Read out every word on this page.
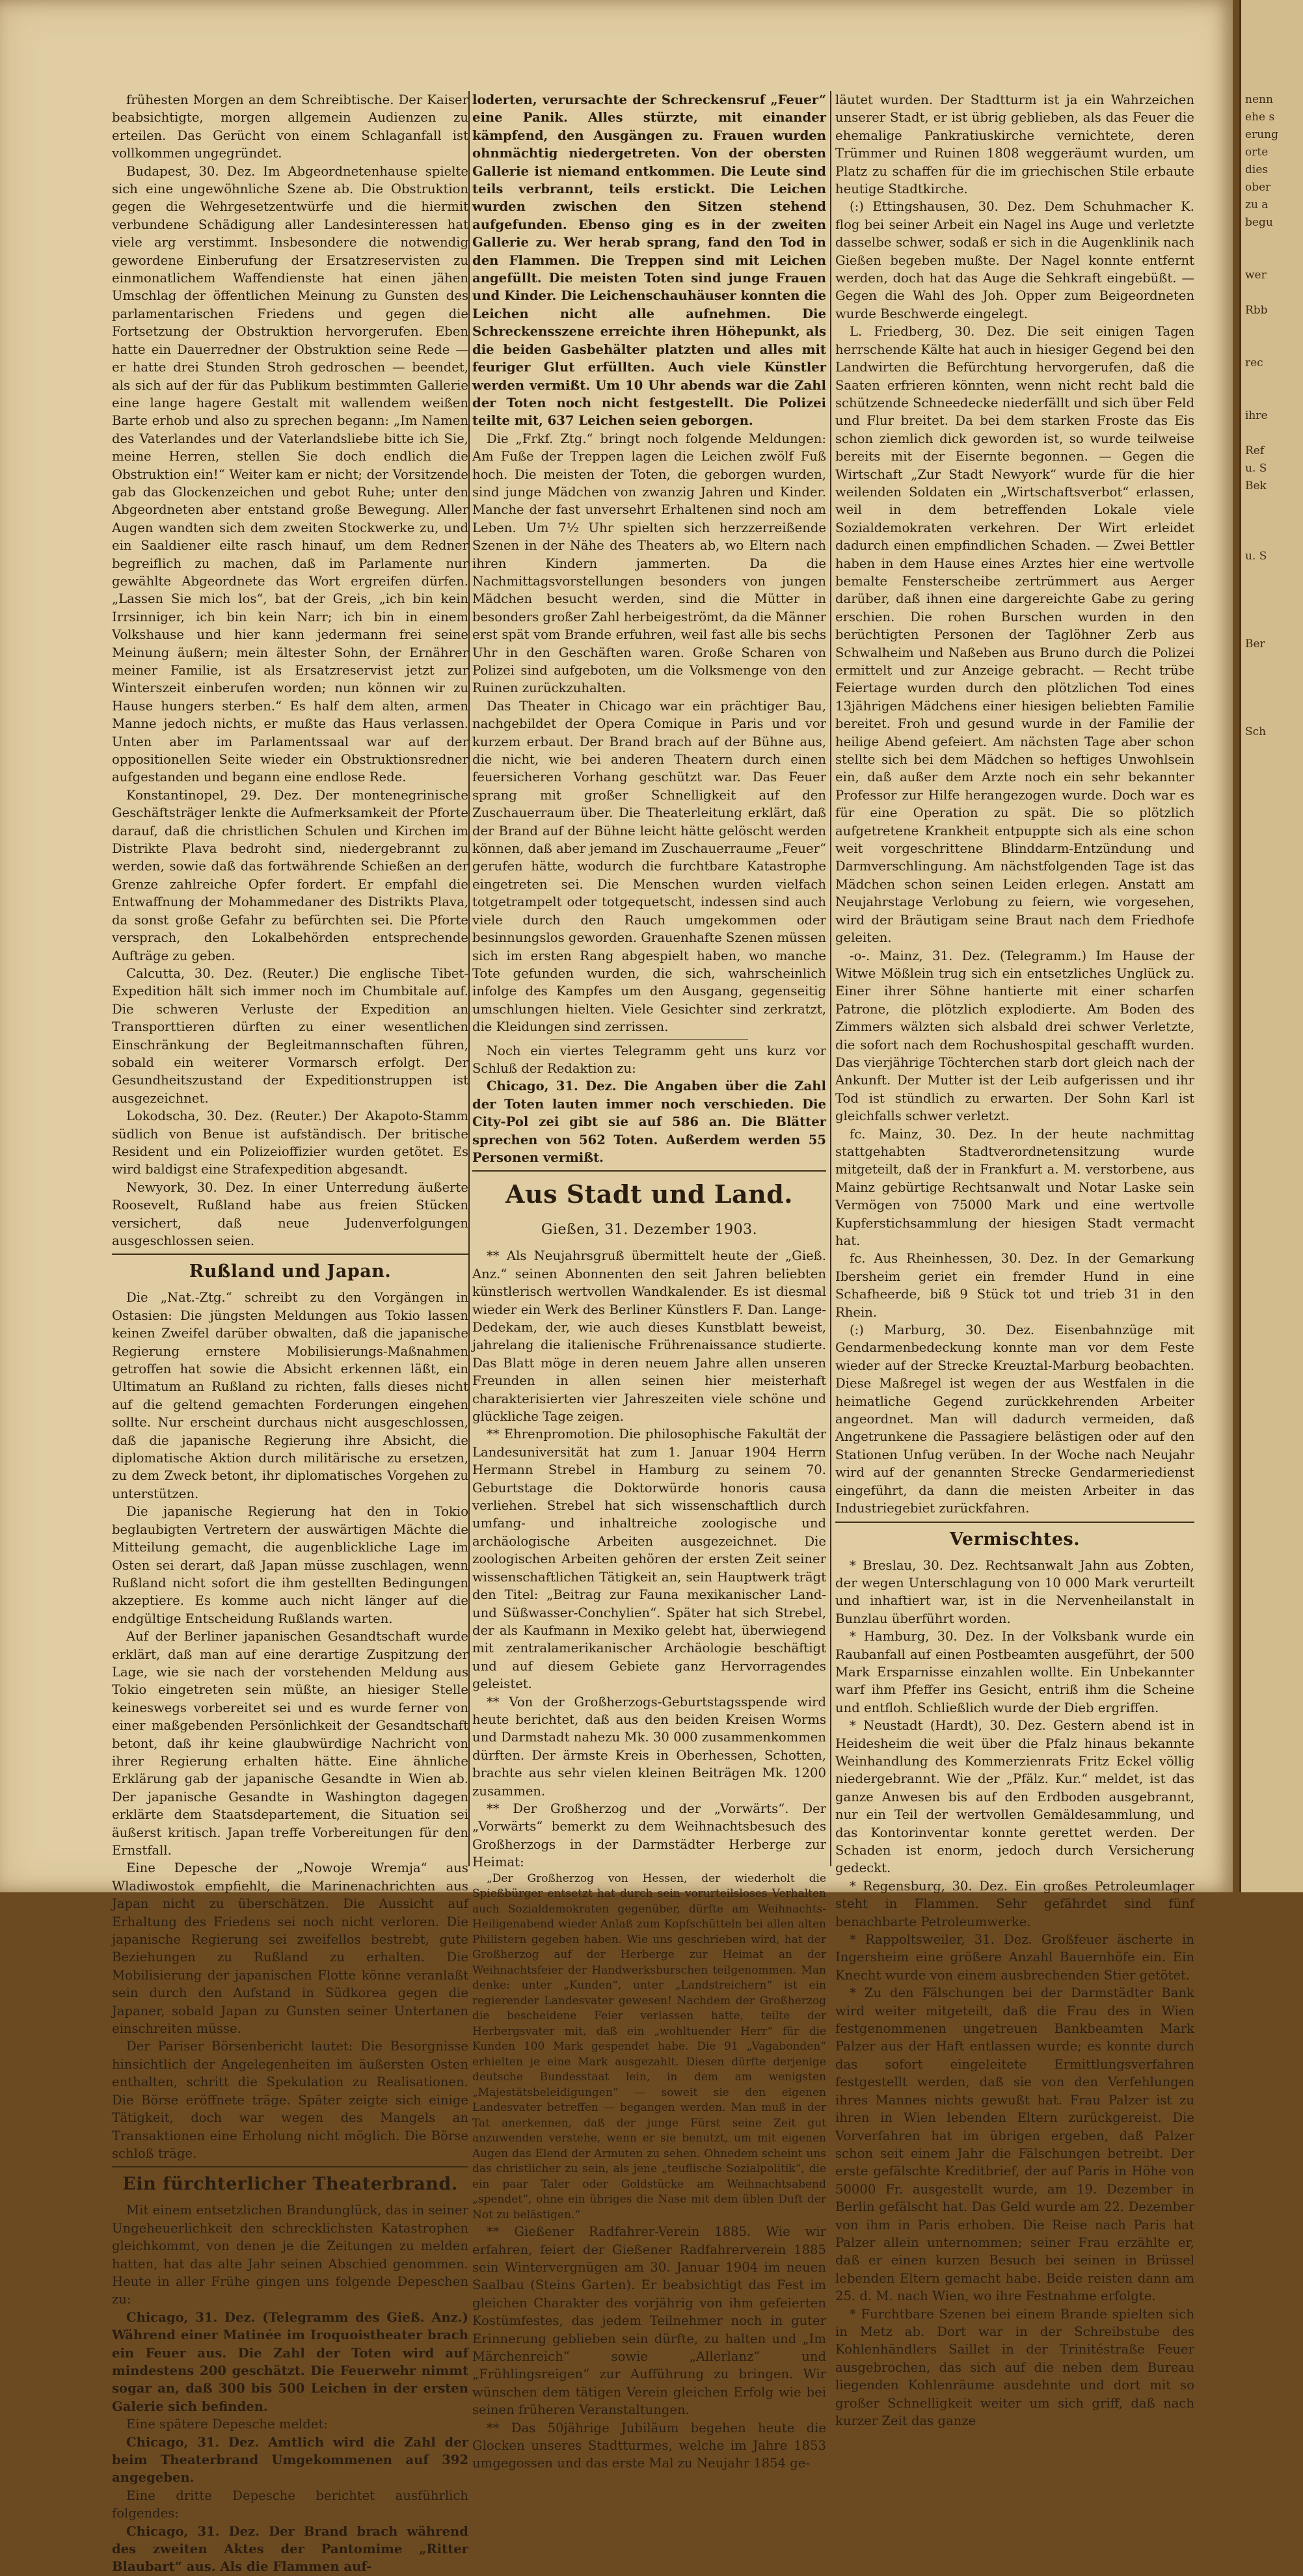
frühesten Morgen an dem Schreibtische. Der Kaiser beabsichtigte, morgen allgemein Audienzen zu erteilen. Das Gerücht von einem Schlaganfall ist vollkommen ungegründet.

Budapest, 30. Dez. Im Abgeordnetenhause spielte sich eine ungewöhnliche Szene ab. Die Obstruktion gegen die Wehrgesetzentwürfe und die hiermit verbundene Schädigung aller Landesinteressen hat viele arg verstimmt. Insbesondere die notwendig gewordene Einberufung der Ersatzreservisten zu einmonatlichem Waffendienste hat einen jähen Umschlag der öffentlichen Meinung zu Gunsten des parlamentarischen Friedens und gegen die Fortsetzung der Obstruktion hervorgerufen. Eben hatte ein Dauerredner der Obstruktion seine Rede — er hatte drei Stunden Stroh gedroschen — beendet, als sich auf der für das Publikum bestimmten Gallerie eine lange hagere Gestalt mit wallendem weißen Barte erhob und also zu sprechen begann: „Im Namen des Vaterlandes und der Vaterlandsliebe bitte ich Sie, meine Herren, stellen Sie doch endlich die Obstruktion ein!“ Weiter kam er nicht; der Vorsitzende gab das Glockenzeichen und gebot Ruhe; unter den Abgeordneten aber entstand große Bewegung. Aller Augen wandten sich dem zweiten Stockwerke zu, und ein Saaldiener eilte rasch hinauf, um dem Redner begreiflich zu machen, daß im Parlamente nur gewählte Abgeordnete das Wort ergreifen dürfen. „Lassen Sie mich los“, bat der Greis, „ich bin kein Irrsinniger, ich bin kein Narr; ich bin in einem Volkshause und hier kann jedermann frei seine Meinung äußern; mein ältester Sohn, der Ernährer meiner Familie, ist als Ersatzreservist jetzt zur Winterszeit einberufen worden; nun können wir zu Hause hungers sterben.“ Es half dem alten, armen Manne jedoch nichts, er mußte das Haus verlassen. Unten aber im Parlamentssaal war auf der oppositionellen Seite wieder ein Obstruktionsredner aufgestanden und begann eine endlose Rede.

Konstantinopel, 29. Dez. Der montenegrinische Geschäftsträger lenkte die Aufmerksamkeit der Pforte darauf, daß die christlichen Schulen und Kirchen im Distrikte Plava bedroht sind, niedergebrannt zu werden, sowie daß das fortwährende Schießen an der Grenze zahlreiche Opfer fordert. Er empfahl die Entwaffnung der Mohammedaner des Distrikts Plava, da sonst große Gefahr zu befürchten sei. Die Pforte versprach, den Lokalbehörden entsprechende Aufträge zu geben.

Calcutta, 30. Dez. (Reuter.) Die englische Tibet-Expedition hält sich immer noch im Chumbitale auf. Die schweren Verluste der Expedition an Transporttieren dürften zu einer wesentlichen Einschränkung der Begleitmannschaften führen, sobald ein weiterer Vormarsch erfolgt. Der Gesundheitszustand der Expeditionstruppen ist ausgezeichnet.

Lokodscha, 30. Dez. (Reuter.) Der Akapoto-Stamm südlich von Benue ist aufständisch. Der britische Resident und ein Polizeioffizier wurden getötet. Es wird baldigst eine Strafexpedition abgesandt.

Newyork, 30. Dez. In einer Unterredung äußerte Roosevelt, Rußland habe aus freien Stücken versichert, daß neue Judenverfolgungen ausgeschlossen seien.

Rußland und Japan.

Die „Nat.-Ztg.“ schreibt zu den Vorgängen in Ostasien: Die jüngsten Meldungen aus Tokio lassen keinen Zweifel darüber obwalten, daß die japanische Regierung ernstere Mobilisierungs-Maßnahmen getroffen hat sowie die Absicht erkennen läßt, ein Ultimatum an Rußland zu richten, falls dieses nicht auf die geltend gemachten Forderungen eingehen sollte. Nur erscheint durchaus nicht ausgeschlossen, daß die japanische Regierung ihre Absicht, die diplomatische Aktion durch militärische zu ersetzen, zu dem Zweck betont, ihr diplomatisches Vorgehen zu unterstützen.

Die japanische Regierung hat den in Tokio beglaubigten Vertretern der auswärtigen Mächte die Mitteilung gemacht, die augenblickliche Lage im Osten sei derart, daß Japan müsse zuschlagen, wenn Rußland nicht sofort die ihm gestellten Bedingungen akzeptiere. Es komme auch nicht länger auf die endgültige Entscheidung Rußlands warten.

Auf der Berliner japanischen Gesandtschaft wurde erklärt, daß man auf eine derartige Zuspitzung der Lage, wie sie nach der vorstehenden Meldung aus Tokio eingetreten sein müßte, an hiesiger Stelle keineswegs vorbereitet sei und es wurde ferner von einer maßgebenden Persönlichkeit der Gesandtschaft betont, daß ihr keine glaubwürdige Nachricht von ihrer Regierung erhalten hätte. Eine ähnliche Erklärung gab der japanische Gesandte in Wien ab. Der japanische Gesandte in Washington dagegen erklärte dem Staatsdepartement, die Situation sei äußerst kritisch. Japan treffe Vorbereitungen für den Ernstfall.

Eine Depesche der „Nowoje Wremja“ aus Wladiwostok empfiehlt, die Marinenachrichten aus Japan nicht zu überschätzen. Die Aussicht auf Erhaltung des Friedens sei noch nicht verloren. Die japanische Regierung sei zweifellos bestrebt, gute Beziehungen zu Rußland zu erhalten. Die Mobilisierung der japanischen Flotte könne veranlaßt sein durch den Aufstand in Südkorea gegen die Japaner, sobald Japan zu Gunsten seiner Untertanen einschreiten müsse.

Der Pariser Börsenbericht lautet: Die Besorgnisse hinsichtlich der Angelegenheiten im äußersten Osten enthalten, schritt die Spekulation zu Realisationen. Die Börse eröffnete träge. Später zeigte sich einige Tätigkeit, doch war wegen des Mangels an Transaktionen eine Erholung nicht möglich. Die Börse schloß träge.

Ein fürchterlicher Theaterbrand.

Mit einem entsetzlichen Brandunglück, das in seiner Ungeheuerlichkeit den schrecklichsten Katastrophen gleichkommt, von denen je die Zeitungen zu melden hatten, hat das alte Jahr seinen Abschied genommen. Heute in aller Frühe gingen uns folgende Depeschen zu:

Chicago, 31. Dez. (Telegramm des Gieß. Anz.) Während einer Matinée im Iroquoistheater brach ein Feuer aus. Die Zahl der Toten wird auf mindestens 200 geschätzt. Die Feuerwehr nimmt sogar an, daß 300 bis 500 Leichen in der ersten Galerie sich befinden.

Eine spätere Depesche meldet:

Chicago, 31. Dez. Amtlich wird die Zahl der beim Theaterbrand Umgekommenen auf 392 angegeben.

Eine dritte Depesche berichtet ausführlich folgendes:

Chicago, 31. Dez. Der Brand brach während des zweiten Aktes der Pantomime „Ritter Blaubart“ aus. Als die Flammen auf-

loderten, verursachte der Schreckensruf „Feuer“ eine Panik. Alles stürzte, mit einander kämpfend, den Ausgängen zu. Frauen wurden ohnmächtig niedergetreten. Von der obersten Gallerie ist niemand entkommen. Die Leute sind teils verbrannt, teils erstickt. Die Leichen wurden zwischen den Sitzen stehend aufgefunden. Ebenso ging es in der zweiten Gallerie zu. Wer herab sprang, fand den Tod in den Flammen. Die Treppen sind mit Leichen angefüllt. Die meisten Toten sind junge Frauen und Kinder. Die Leichenschauhäuser konnten die Leichen nicht alle aufnehmen. Die Schreckensszene erreichte ihren Höhepunkt, als die beiden Gasbehälter platzten und alles mit feuriger Glut erfüllten. Auch viele Künstler werden vermißt. Um 10 Uhr abends war die Zahl der Toten noch nicht festgestellt. Die Polizei teilte mit, 637 Leichen seien geborgen.

Die „Frkf. Ztg.“ bringt noch folgende Meldungen: Am Fuße der Treppen lagen die Leichen zwölf Fuß hoch. Die meisten der Toten, die geborgen wurden, sind junge Mädchen von zwanzig Jahren und Kinder. Manche der fast unversehrt Erhaltenen sind noch am Leben. Um 7½ Uhr spielten sich herzzerreißende Szenen in der Nähe des Theaters ab, wo Eltern nach ihren Kindern jammerten. Da die Nachmittagsvorstellungen besonders von jungen Mädchen besucht werden, sind die Mütter in besonders großer Zahl herbeigeströmt, da die Männer erst spät vom Brande erfuhren, weil fast alle bis sechs Uhr in den Geschäften waren. Große Scharen von Polizei sind aufgeboten, um die Volksmenge von den Ruinen zurückzuhalten.

Das Theater in Chicago war ein prächtiger Bau, nachgebildet der Opera Comique in Paris und vor kurzem erbaut. Der Brand brach auf der Bühne aus, die nicht, wie bei anderen Theatern durch einen feuersicheren Vorhang geschützt war. Das Feuer sprang mit großer Schnelligkeit auf den Zuschauerraum über. Die Theaterleitung erklärt, daß der Brand auf der Bühne leicht hätte gelöscht werden können, daß aber jemand im Zuschauerraume „Feuer“ gerufen hätte, wodurch die furchtbare Katastrophe eingetreten sei. Die Menschen wurden vielfach totgetrampelt oder totgequetscht, indessen sind auch viele durch den Rauch umgekommen oder besinnungslos geworden. Grauenhafte Szenen müssen sich im ersten Rang abgespielt haben, wo manche Tote gefunden wurden, die sich, wahrscheinlich infolge des Kampfes um den Ausgang, gegenseitig umschlungen hielten. Viele Gesichter sind zerkratzt, die Kleidungen sind zerrissen.

Noch ein viertes Telegramm geht uns kurz vor Schluß der Redaktion zu:

Chicago, 31. Dez. Die Angaben über die Zahl der Toten lauten immer noch verschieden. Die City-Pol zei gibt sie auf 586 an. Die Blätter sprechen von 562 Toten. Außerdem werden 55 Personen vermißt.

Aus Stadt und Land.
Gießen, 31. Dezember 1903.

** Als Neujahrsgruß übermittelt heute der „Gieß. Anz.“ seinen Abonnenten den seit Jahren beliebten künstlerisch wertvollen Wandkalender. Es ist diesmal wieder ein Werk des Berliner Künstlers F. Dan. Lange-Dedekam, der, wie auch dieses Kunstblatt beweist, jahrelang die italienische Frührenaissance studierte. Das Blatt möge in deren neuem Jahre allen unseren Freunden in allen seinen hier meisterhaft charakterisierten vier Jahreszeiten viele schöne und glückliche Tage zeigen.

** Ehrenpromotion. Die philosophische Fakultät der Landesuniversität hat zum 1. Januar 1904 Herrn Hermann Strebel in Hamburg zu seinem 70. Geburtstage die Doktorwürde honoris causa verliehen. Strebel hat sich wissenschaftlich durch umfang- und inhaltreiche zoologische und archäologische Arbeiten ausgezeichnet. Die zoologischen Arbeiten gehören der ersten Zeit seiner wissenschaftlichen Tätigkeit an, sein Hauptwerk trägt den Titel: „Beitrag zur Fauna mexikanischer Land- und Süßwasser-Conchylien“. Später hat sich Strebel, der als Kaufmann in Mexiko gelebt hat, überwiegend mit zentralamerikanischer Archäologie beschäftigt und auf diesem Gebiete ganz Hervorragendes geleistet.

** Von der Großherzogs-Geburtstagsspende wird heute berichtet, daß aus den beiden Kreisen Worms und Darmstadt nahezu Mk. 30 000 zusammenkommen dürften. Der ärmste Kreis in Oberhessen, Schotten, brachte aus sehr vielen kleinen Beiträgen Mk. 1200 zusammen.

** Der Großherzog und der „Vorwärts“. Der „Vorwärts“ bemerkt zu dem Weihnachtsbesuch des Großherzogs in der Darmstädter Herberge zur Heimat:

„Der Großherzog von Hessen, der wiederholt die Spießbürger entsetzt hat durch sein vorurteilsloses Verhalten auch Sozialdemokraten gegenüber, dürfte am Weihnachts-Heiligenabend wieder Anlaß zum Kopfschütteln bei allen alten Philistern gegeben haben. Wie uns geschrieben wird, hat der Großherzog auf der Herberge zur Heimat an der Weihnachtsfeier der Handwerksburschen teilgenommen. Man denke: unter „Kunden“, unter „Landstreichern“ ist ein regierender Landesvater gewesen! Nachdem der Großherzog die bescheidene Feier verlassen hatte, teilte der Herbergsvater mit, daß ein „wohltuender Herr“ für die Kunden 100 Mark gespendet habe. Die 91 „Vagabonden“ erhielten je eine Mark ausgezahlt. Diesen dürfte derjenige deutsche Bundesstaat lein, in dem am wenigsten „Majestätsbeleidigungen“ — soweit sie den eigenen Landesvater betreffen — begangen werden. Man muß in der Tat anerkennen, daß der junge Fürst seine Zeit gut anzuwenden verstehe, wenn er sie benutzt, um mit eigenen Augen das Elend der Armuten zu sehen. Ohnedem scheint uns das christlicher zu sein, als jene „teuflische Sozialpolitik“, die ein paar Taler oder Goldstücke am Weihnachtsabend „spendet“, ohne ein übriges die Nase mit dem üblen Duft der Not zu belästigen.“

** Gießener Radfahrer-Verein 1885. Wie wir erfahren, feiert der Gießener Radfahrerverein 1885 sein Wintervergnügen am 30. Januar 1904 im neuen Saalbau (Steins Garten). Er beabsichtigt das Fest im gleichen Charakter des vorjährig von ihm gefeierten Kostümfestes, das jedem Teilnehmer noch in guter Erinnerung geblieben sein dürfte, zu halten und „Im Märchenreich“ sowie „Allerlanz“ und „Frühlingsreigen“ zur Aufführung zu bringen. Wir wünschen dem tätigen Verein gleichen Erfolg wie bei seinen früheren Veranstaltungen.

** Das 50jährige Jubiläum begehen heute die Glocken unseres Stadtturmes, welche im Jahre 1853 umgegossen und das erste Mal zu Neujahr 1854 ge-

läutet wurden. Der Stadtturm ist ja ein Wahrzeichen unserer Stadt, er ist übrig geblieben, als das Feuer die ehemalige Pankratiuskirche vernichtete, deren Trümmer und Ruinen 1808 weggeräumt wurden, um Platz zu schaffen für die im griechischen Stile erbaute heutige Stadtkirche.

(:) Ettingshausen, 30. Dez. Dem Schuhmacher K. flog bei seiner Arbeit ein Nagel ins Auge und verletzte dasselbe schwer, sodaß er sich in die Augenklinik nach Gießen begeben mußte. Der Nagel konnte entfernt werden, doch hat das Auge die Sehkraft eingebüßt. — Gegen die Wahl des Joh. Opper zum Beigeordneten wurde Beschwerde eingelegt.

L. Friedberg, 30. Dez. Die seit einigen Tagen herrschende Kälte hat auch in hiesiger Gegend bei den Landwirten die Befürchtung hervorgerufen, daß die Saaten erfrieren könnten, wenn nicht recht bald die schützende Schneedecke niederfällt und sich über Feld und Flur breitet. Da bei dem starken Froste das Eis schon ziemlich dick geworden ist, so wurde teilweise bereits mit der Eisernte begonnen. — Gegen die Wirtschaft „Zur Stadt Newyork“ wurde für die hier weilenden Soldaten ein „Wirtschaftsverbot“ erlassen, weil in dem betreffenden Lokale viele Sozialdemokraten verkehren. Der Wirt erleidet dadurch einen empfindlichen Schaden. — Zwei Bettler haben in dem Hause eines Arztes hier eine wertvolle bemalte Fensterscheibe zertrümmert aus Aerger darüber, daß ihnen eine dargereichte Gabe zu gering erschien. Die rohen Burschen wurden in den berüchtigten Personen der Taglöhner Zerb aus Schwalheim und Naßeben aus Bruno durch die Polizei ermittelt und zur Anzeige gebracht. — Recht trübe Feiertage wurden durch den plötzlichen Tod eines 13jährigen Mädchens einer hiesigen beliebten Familie bereitet. Froh und gesund wurde in der Familie der heilige Abend gefeiert. Am nächsten Tage aber schon stellte sich bei dem Mädchen so heftiges Unwohlsein ein, daß außer dem Arzte noch ein sehr bekannter Professor zur Hilfe herangezogen wurde. Doch war es für eine Operation zu spät. Die so plötzlich aufgetretene Krankheit entpuppte sich als eine schon weit vorgeschrittene Blinddarm-Entzündung und Darmverschlingung. Am nächstfolgenden Tage ist das Mädchen schon seinen Leiden erlegen. Anstatt am Neujahrstage Verlobung zu feiern, wie vorgesehen, wird der Bräutigam seine Braut nach dem Friedhofe geleiten.

-o-. Mainz, 31. Dez. (Telegramm.) Im Hause der Witwe Mößlein trug sich ein entsetzliches Unglück zu. Einer ihrer Söhne hantierte mit einer scharfen Patrone, die plötzlich explodierte. Am Boden des Zimmers wälzten sich alsbald drei schwer Verletzte, die sofort nach dem Rochushospital geschafft wurden. Das vierjährige Töchterchen starb dort gleich nach der Ankunft. Der Mutter ist der Leib aufgerissen und ihr Tod ist stündlich zu erwarten. Der Sohn Karl ist gleichfalls schwer verletzt.

fc. Mainz, 30. Dez. In der heute nachmittag stattgehabten Stadtverordnetensitzung wurde mitgeteilt, daß der in Frankfurt a. M. verstorbene, aus Mainz gebürtige Rechtsanwalt und Notar Laske sein Vermögen von 75000 Mark und eine wertvolle Kupferstichsammlung der hiesigen Stadt vermacht hat.

fc. Aus Rheinhessen, 30. Dez. In der Gemarkung Ibersheim geriet ein fremder Hund in eine Schafheerde, biß 9 Stück tot und trieb 31 in den Rhein.

(:) Marburg, 30. Dez. Eisenbahnzüge mit Gendarmenbedeckung konnte man vor dem Feste wieder auf der Strecke Kreuztal-Marburg beobachten. Diese Maßregel ist wegen der aus Westfalen in die heimatliche Gegend zurückkehrenden Arbeiter angeordnet. Man will dadurch vermeiden, daß Angetrunkene die Passagiere belästigen oder auf den Stationen Unfug verüben. In der Woche nach Neujahr wird auf der genannten Strecke Gendarmeriedienst eingeführt, da dann die meisten Arbeiter in das Industriegebiet zurückfahren.

Vermischtes.

* Breslau, 30. Dez. Rechtsanwalt Jahn aus Zobten, der wegen Unterschlagung von 10 000 Mark verurteilt und inhaftiert war, ist in die Nervenheilanstalt in Bunzlau überführt worden.

* Hamburg, 30. Dez. In der Volksbank wurde ein Raubanfall auf einen Postbeamten ausgeführt, der 500 Mark Ersparnisse einzahlen wollte. Ein Unbekannter warf ihm Pfeffer ins Gesicht, entriß ihm die Scheine und entfloh. Schließlich wurde der Dieb ergriffen.

* Neustadt (Hardt), 30. Dez. Gestern abend ist in Heidesheim die weit über die Pfalz hinaus bekannte Weinhandlung des Kommerzienrats Fritz Eckel völlig niedergebrannt. Wie der „Pfälz. Kur.“ meldet, ist das ganze Anwesen bis auf den Erdboden ausgebrannt, nur ein Teil der wertvollen Gemäldesammlung, und das Kontorinventar konnte gerettet werden. Der Schaden ist enorm, jedoch durch Versicherung gedeckt.

* Regensburg, 30. Dez. Ein großes Petroleumlager steht in Flammen. Sehr gefährdet sind fünf benachbarte Petroleumwerke.

* Rappoltsweiler, 31. Dez. Großfeuer äscherte in Ingersheim eine größere Anzahl Bauernhöfe ein. Ein Knecht wurde von einem ausbrechenden Stier getötet.

* Zu den Fälschungen bei der Darmstädter Bank wird weiter mitgeteilt, daß die Frau des in Wien festgenommenen ungetreuen Bankbeamten Mark Palzer aus der Haft entlassen wurde; es konnte durch das sofort eingeleitete Ermittlungsverfahren festgestellt werden, daß sie von den Verfehlungen ihres Mannes nichts gewußt hat. Frau Palzer ist zu ihren in Wien lebenden Eltern zurückgereist. Die Vorverfahren hat im übrigen ergeben, daß Palzer schon seit einem Jahr die Fälschungen betreibt. Der erste gefälschte Kreditbrief, der auf Paris in Höhe von 50000 Fr. ausgestellt wurde, am 19. Dezember in Berlin gefälscht hat. Das Geld wurde am 22. Dezember von ihm in Paris erhoben. Die Reise nach Paris hat Palzer allein unternommen; seiner Frau erzählte er, daß er einen kurzen Besuch bei seinen in Brüssel lebenden Eltern gemacht habe. Beide reisten dann am 25. d. M. nach Wien, wo ihre Festnahme erfolgte.

* Furchtbare Szenen bei einem Brande spielten sich in Metz ab. Dort war in der Schreibstube des Kohlenhändlers Saillet in der Trinitéstraße Feuer ausgebrochen, das sich auf die neben dem Bureau liegenden Kohlenräume ausdehnte und dort mit so großer Schnelligkeit weiter um sich griff, daß nach kurzer Zeit das ganze

nenn
ehe s
erung
orte
dies
ober
zu a
begu

wer

Rbb

rec

ihre

Ref
u. S
Bek

u. S

Ber

Sch
